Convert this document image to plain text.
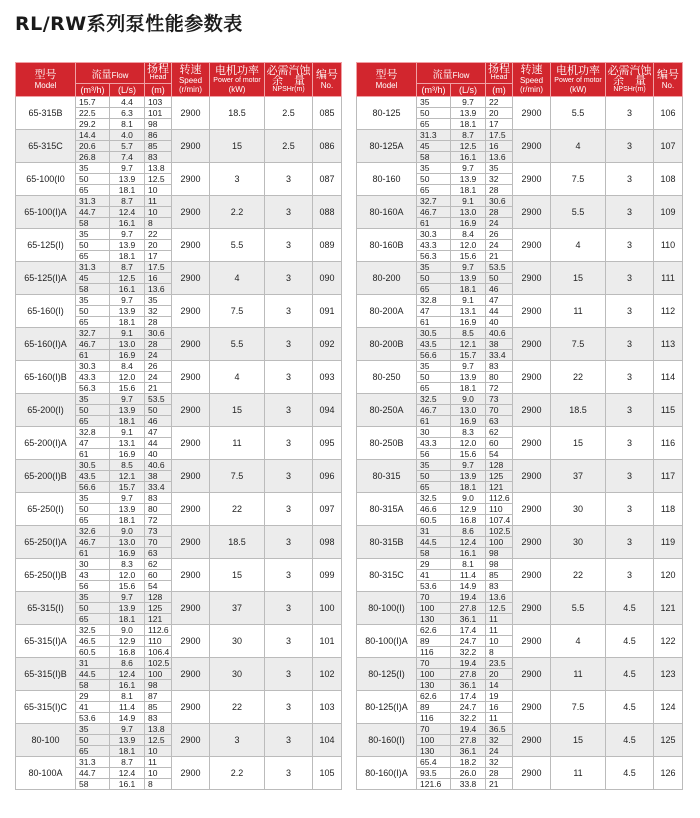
RL/RW系列泵性能参数表
型号
Model	流量Flow		扬程
Head	转速
Speed
(r/min)	电机功率
Power of motor
(kW)	必需汽蚀
余　量
NPSHr(m)	编号
No.

	(m³/h)	(L/s)	(m)				
65-315B	15.7	4.4	103	2900	18.5	2.5	085
	22.5	6.3	101				
	29.2	8.1	98				
65-315C	14.4	4.0	86	2900	15	2.5	086
	20.6	5.7	85				
	26.8	7.4	83				
65-100(I0	35	9.7	13.8	2900	3	3	087
	50	13.9	12.5				
	65	18.1	10				
65-100(I)A	31.3	8.7	11	2900	2.2	3	088
	44.7	12.4	10				
	58	16.1	8				
65-125(I)	35	9.7	22	2900	5.5	3	089
	50	13.9	20				
	65	18.1	17				
65-125(I)A	31.3	8.7	17.5	2900	4	3	090
	45	12.5	16				
	58	16.1	13.6				
65-160(I)	35	9.7	35	2900	7.5	3	091
	50	13.9	32				
	65	18.1	28				
65-160(I)A	32.7	9.1	30.6	2900	5.5	3	092
	46.7	13.0	28				
	61	16.9	24				
65-160(I)B	30.3	8.4	26	2900	4	3	093
	43.3	12.0	24				
	56.3	15.6	21				
65-200(I)	35	9.7	53.5	2900	15	3	094
	50	13.9	50				
	65	18.1	46				
65-200(I)A	32.8	9.1	47	2900	11	3	095
	47	13.1	44				
	61	16.9	40				
65-200(I)B	30.5	8.5	40.6	2900	7.5	3	096
	43.5	12.1	38				
	56.6	15.7	33.4				
65-250(I)	35	9.7	83	2900	22	3	097
	50	13.9	80				
	65	18.1	72				
65-250(I)A	32.6	9.0	73	2900	18.5	3	098
	46.7	13.0	70				
	61	16.9	63				
65-250(I)B	30	8.3	62	2900	15	3	099
	43	12.0	60				
	56	15.6	54				
65-315(I)	35	9.7	128	2900	37	3	100
	50	13.9	125				
	65	18.1	121				
65-315(I)A	32.5	9.0	112.6	2900	30	3	101
	46.5	12.9	110				
	60.5	16.8	106.4				
65-315(I)B	31	8.6	102.5	2900	30	3	102
	44.5	12.4	100				
	58	16.1	98				
65-315(I)C	29	8.1	87	2900	22	3	103
	41	11.4	85				
	53.6	14.9	83				
80-100	35	9.7	13.8	2900	3	3	104
	50	13.9	12.5				
	65	18.1	10				
80-100A	31.3	8.7	11	2900	2.2	3	105
	44.7	12.4	10				
	58	16.1	8				
型号
Model	流量Flow		扬程
Head	转速
Speed
(r/min)	电机功率
Power of motor
(kW)	必需汽蚀
余　量
NPSHr(m)	编号
No.

	(m³/h)	(L/s)	(m)				
80-125	35	9.7	22	2900	5.5	3	106
	50	13.9	20				
	65	18.1	17				
80-125A	31.3	8.7	17.5	2900	4	3	107
	45	12.5	16				
	58	16.1	13.6				
80-160	35	9.7	35	2900	7.5	3	108
	50	13.9	32				
	65	18.1	28				
80-160A	32.7	9.1	30.6	2900	5.5	3	109
	46.7	13.0	28				
	61	16.9	24				
80-160B	30.3	8.4	26	2900	4	3	110
	43.3	12.0	24				
	56.3	15.6	21				
80-200	35	9.7	53.5	2900	15	3	111
	50	13.9	50				
	65	18.1	46				
80-200A	32.8	9.1	47	2900	11	3	112
	47	13.1	44				
	61	16.9	40				
80-200B	30.5	8.5	40.6	2900	7.5	3	113
	43.5	12.1	38				
	56.6	15.7	33.4				
80-250	35	9.7	83	2900	22	3	114
	50	13.9	80				
	65	18.1	72				
80-250A	32.5	9.0	73	2900	18.5	3	115
	46.7	13.0	70				
	61	16.9	63				
80-250B	30	8.3	62	2900	15	3	116
	43.3	12.0	60				
	56	15.6	54				
80-315	35	9.7	128	2900	37	3	117
	50	13.9	125				
	65	18.1	121				
80-315A	32.5	9.0	112.6	2900	30	3	118
	46.6	12.9	110				
	60.5	16.8	107.4				
80-315B	31	8.6	102.5	2900	30	3	119
	44.5	12.4	100				
	58	16.1	98				
80-315C	29	8.1	98	2900	22	3	120
	41	11.4	85				
	53.6	14.9	83				
80-100(I)	70	19.4	13.6	2900	5.5	4.5	121
	100	27.8	12.5				
	130	36.1	11				
80-100(I)A	62.6	17.4	11	2900	4	4.5	122
	89	24.7	10				
	116	32.2	8				
80-125(I)	70	19.4	23.5	2900	11	4.5	123
	100	27.8	20				
	130	36.1	14				
80-125(I)A	62.6	17.4	19	2900	7.5	4.5	124
	89	24.7	16				
	116	32.2	11				
80-160(I)	70	19.4	36.5	2900	15	4.5	125
	100	27.8	32				
	130	36.1	24				
80-160(I)A	65.4	18.2	32	2900	11	4.5	126
	93.5	26.0	28				
	121.6	33.8	21				
